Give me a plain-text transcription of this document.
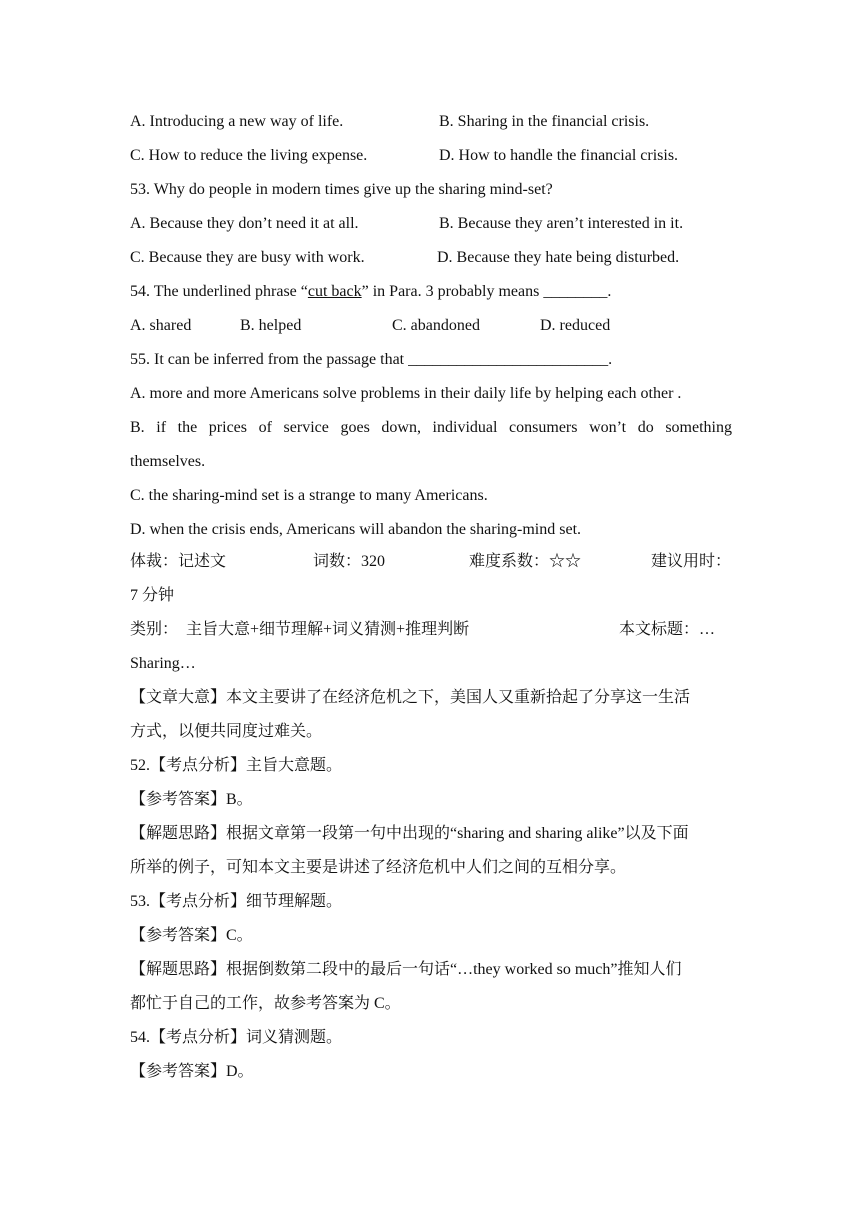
A. Introducing a new way of life.	B. Sharing in the financial crisis.
C. How to reduce the living expense.	D. How to handle the financial crisis.
53. Why do people in modern times give up the sharing mind-set?
A. Because they don’t need it at all.	B. Because they aren’t interested in it.
C. Because they are busy with work.	D. Because they hate being disturbed.
54. The underlined phrase “cut back” in Para. 3 probably means ________.
A. shared	B. helped	C. abandoned	D. reduced
55. It can be inferred from the passage that _________________________.
A. more and more Americans solve problems in their daily life by helping each other .
B. if the prices of service goes down, individual consumers won’t do something
themselves.
C. the sharing-mind set is a strange to many Americans.
D. when the crisis ends, Americans will abandon the sharing-mind set.
体裁：记述文	词数：320	难度系数：☆☆	建议用时：
7 分钟
类别：　主旨大意+细节理解+词义猜测+推理判断	本文标题：…
Sharing…
【文章大意】本文主要讲了在经济危机之下，美国人又重新拾起了分享这一生活
方式，以便共同度过难关。
52.【考点分析】主旨大意题。
【参考答案】B。
【解题思路】根据文章第一段第一句中出现的“sharing and sharing alike”以及下面
所举的例子，可知本文主要是讲述了经济危机中人们之间的互相分享。
53.【考点分析】细节理解题。
【参考答案】C。
【解题思路】根据倒数第二段中的最后一句话“…they worked so much”推知人们
都忙于自己的工作，故参考答案为 C。
54.【考点分析】词义猜测题。
【参考答案】D。
